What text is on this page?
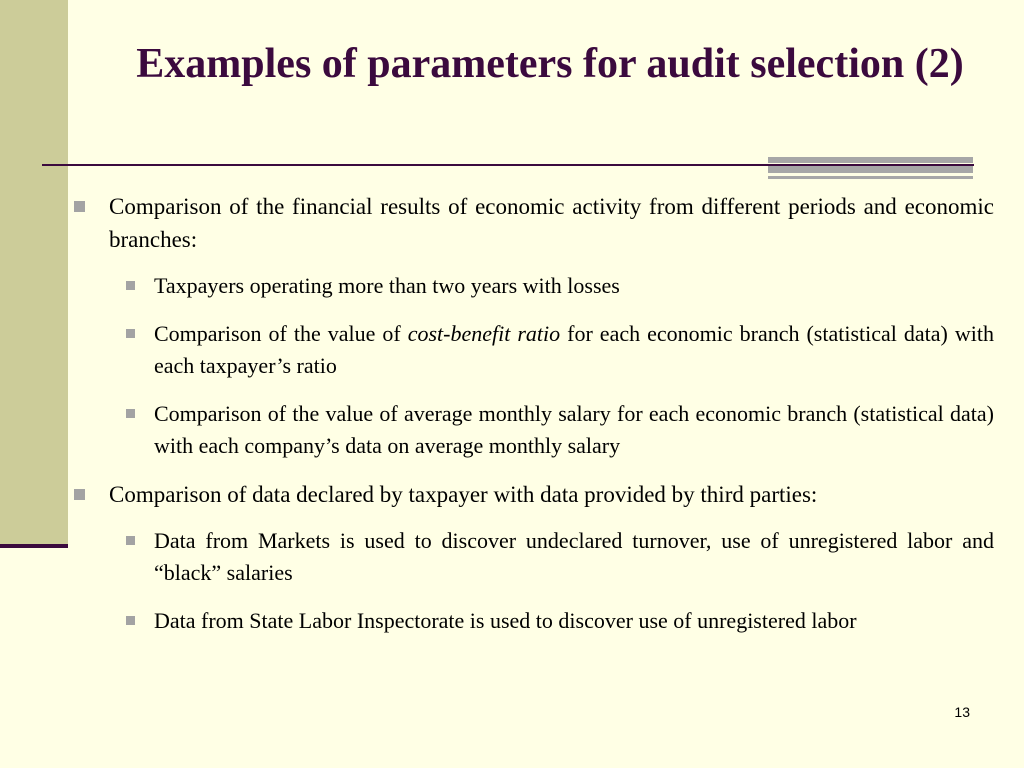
Examples of parameters for audit selection (2)
Comparison of the financial results of economic activity from different periods and economic branches:
Taxpayers operating more than two years with losses
Comparison of the value of cost-benefit ratio for each economic branch (statistical data) with each taxpayer’s ratio
Comparison of the value of average monthly salary for each economic branch (statistical data) with each company’s data on average monthly salary
Comparison of data declared by taxpayer with data provided by third parties:
Data from Markets is used to discover undeclared turnover, use of unregistered labor and “black” salaries
Data from State Labor Inspectorate is used to discover use of unregistered labor
13
